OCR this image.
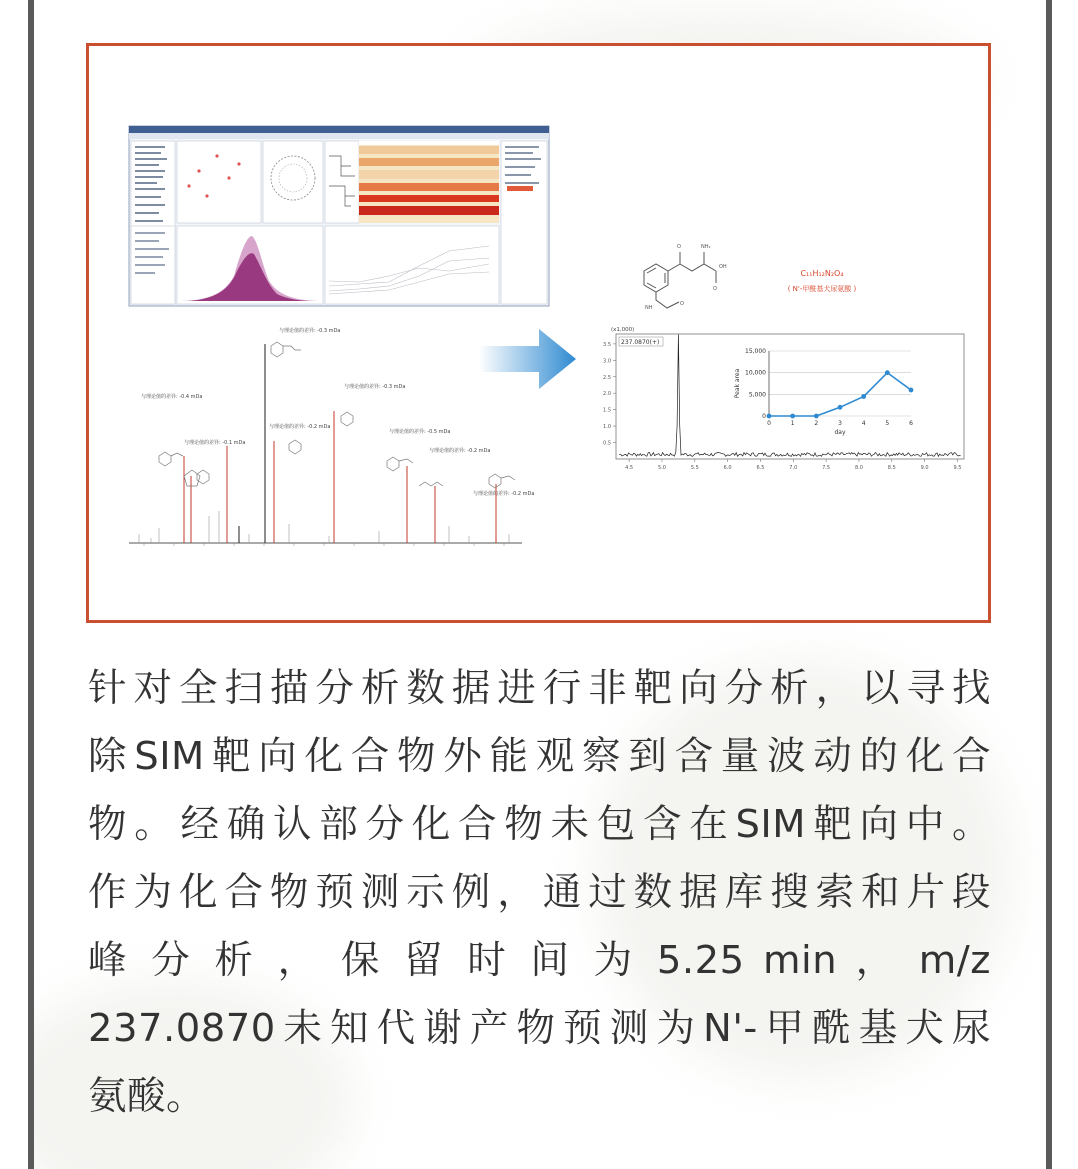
与理论值的差异: -0.4 mDa
与理论值的差异: -0.3 mDa
与理论值的差异: -0.3 mDa
与理论值的差异: -0.1 mDa
与理论值的差异: -0.2 mDa
与理论值的差异: -0.5 mDa
与理论值的差异: -0.2 mDa
与理论值的差异: -0.2 mDa
O	NH₂
OH
O
NH
O
C₁₁H₁₂N₂O₄
( N'-甲酰基犬尿氨酸 )
(x1,000)
237.0870(+)
4.5	5.0	5.5	6.0	6.5	7.0	7.5	8.0	8.5	9.0	9.5
0.5
1.0
1.5
2.0
2.5
3.0
3.5
0
5,000
10,000
15,000
0	1	2	3	4	5	6
day
Peak area

针对全扫描分析数据进行非靶向分析，以寻找

除SIM靶向化合物外能观察到含量波动的化合

物。经确认部分化合物未包含在SIM靶向中。

作为化合物预测示例，通过数据库搜索和片段

峰 分 析 ， 保 留 时 间 为 5.25 min ， m/z

237.0870未知代谢产物预测为N'-甲酰基犬尿

氨酸。
